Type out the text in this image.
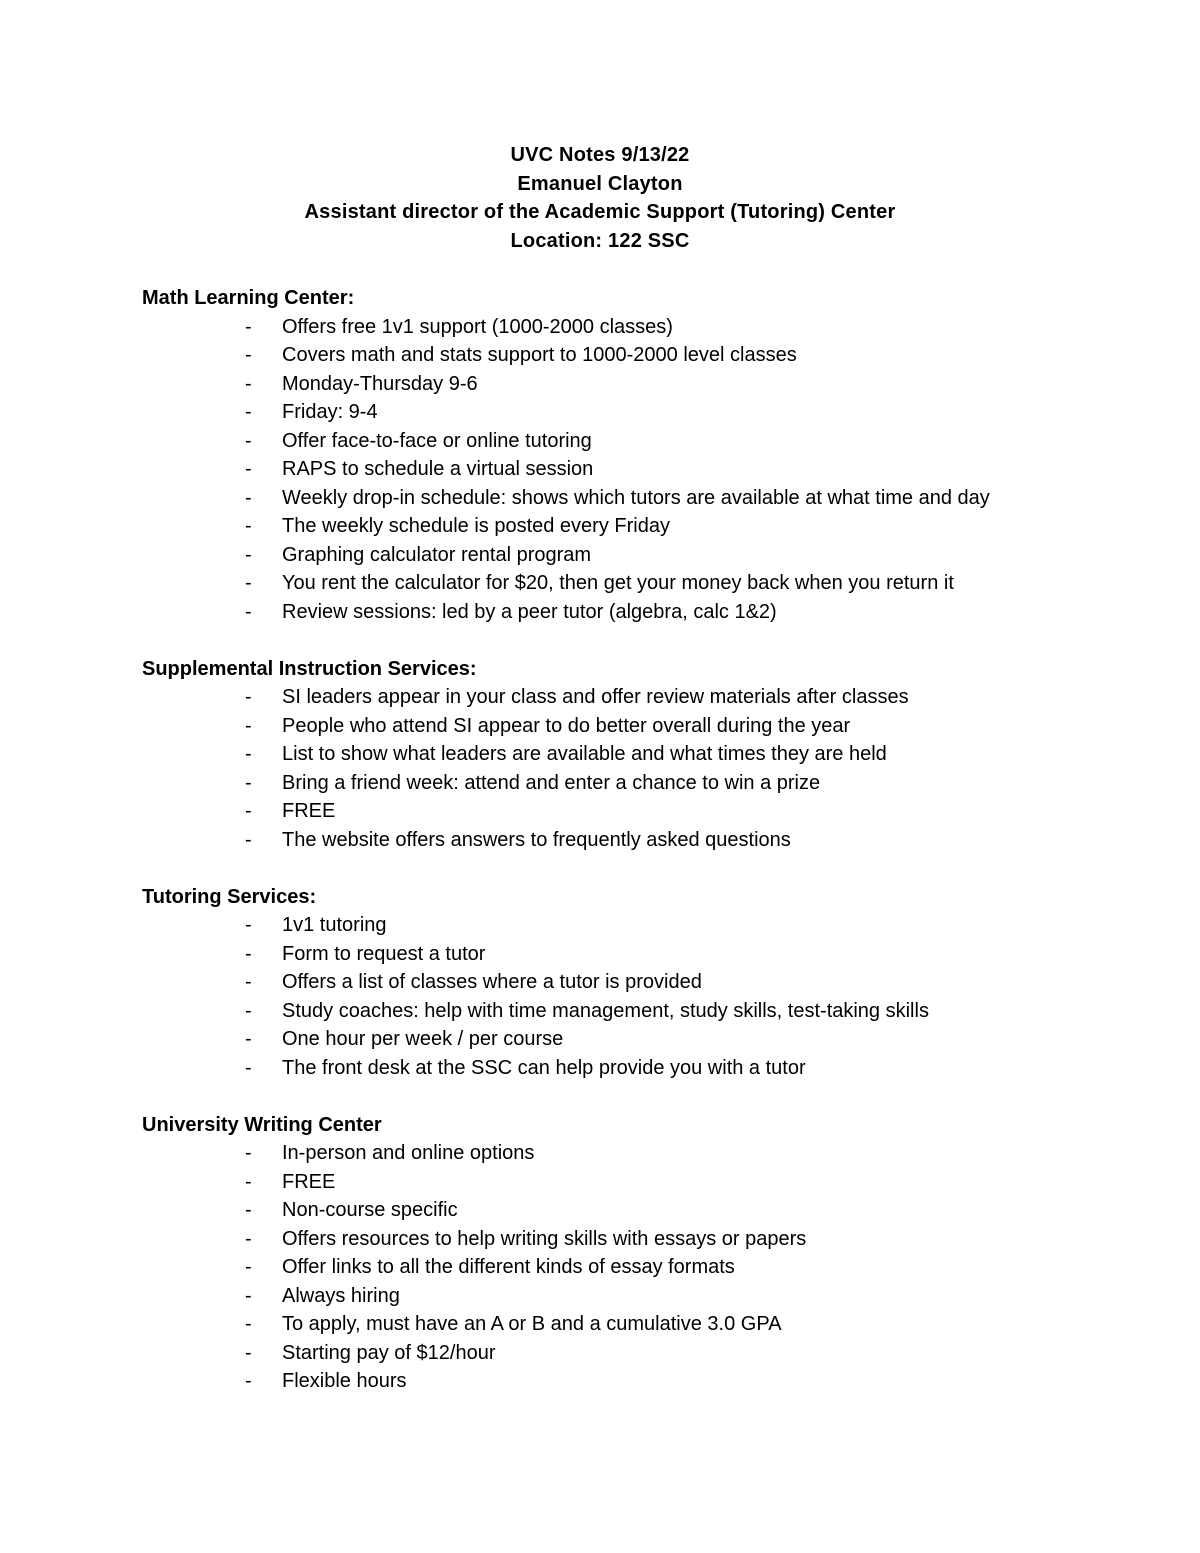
UVC Notes 9/13/22
Emanuel Clayton
Assistant director of the Academic Support (Tutoring) Center
Location: 122 SSC
Math Learning Center:
- Offers free 1v1 support (1000-2000 classes)
- Covers math and stats support to 1000-2000 level classes
- Monday-Thursday 9-6
- Friday: 9-4
- Offer face-to-face or online tutoring
- RAPS to schedule a virtual session
- Weekly drop-in schedule: shows which tutors are available at what time and day
- The weekly schedule is posted every Friday
- Graphing calculator rental program
- You rent the calculator for $20, then get your money back when you return it
- Review sessions: led by a peer tutor (algebra, calc 1&2)
Supplemental Instruction Services:
- SI leaders appear in your class and offer review materials after classes
- People who attend SI appear to do better overall during the year
- List to show what leaders are available and what times they are held
- Bring a friend week: attend and enter a chance to win a prize
- FREE
- The website offers answers to frequently asked questions
Tutoring Services:
- 1v1 tutoring
- Form to request a tutor
- Offers a list of classes where a tutor is provided
- Study coaches: help with time management, study skills, test-taking skills
- One hour per week / per course
- The front desk at the SSC can help provide you with a tutor
University Writing Center
- In-person and online options
- FREE
- Non-course specific
- Offers resources to help writing skills with essays or papers
- Offer links to all the different kinds of essay formats
- Always hiring
- To apply, must have an A or B and a cumulative 3.0 GPA
- Starting pay of $12/hour
- Flexible hours
